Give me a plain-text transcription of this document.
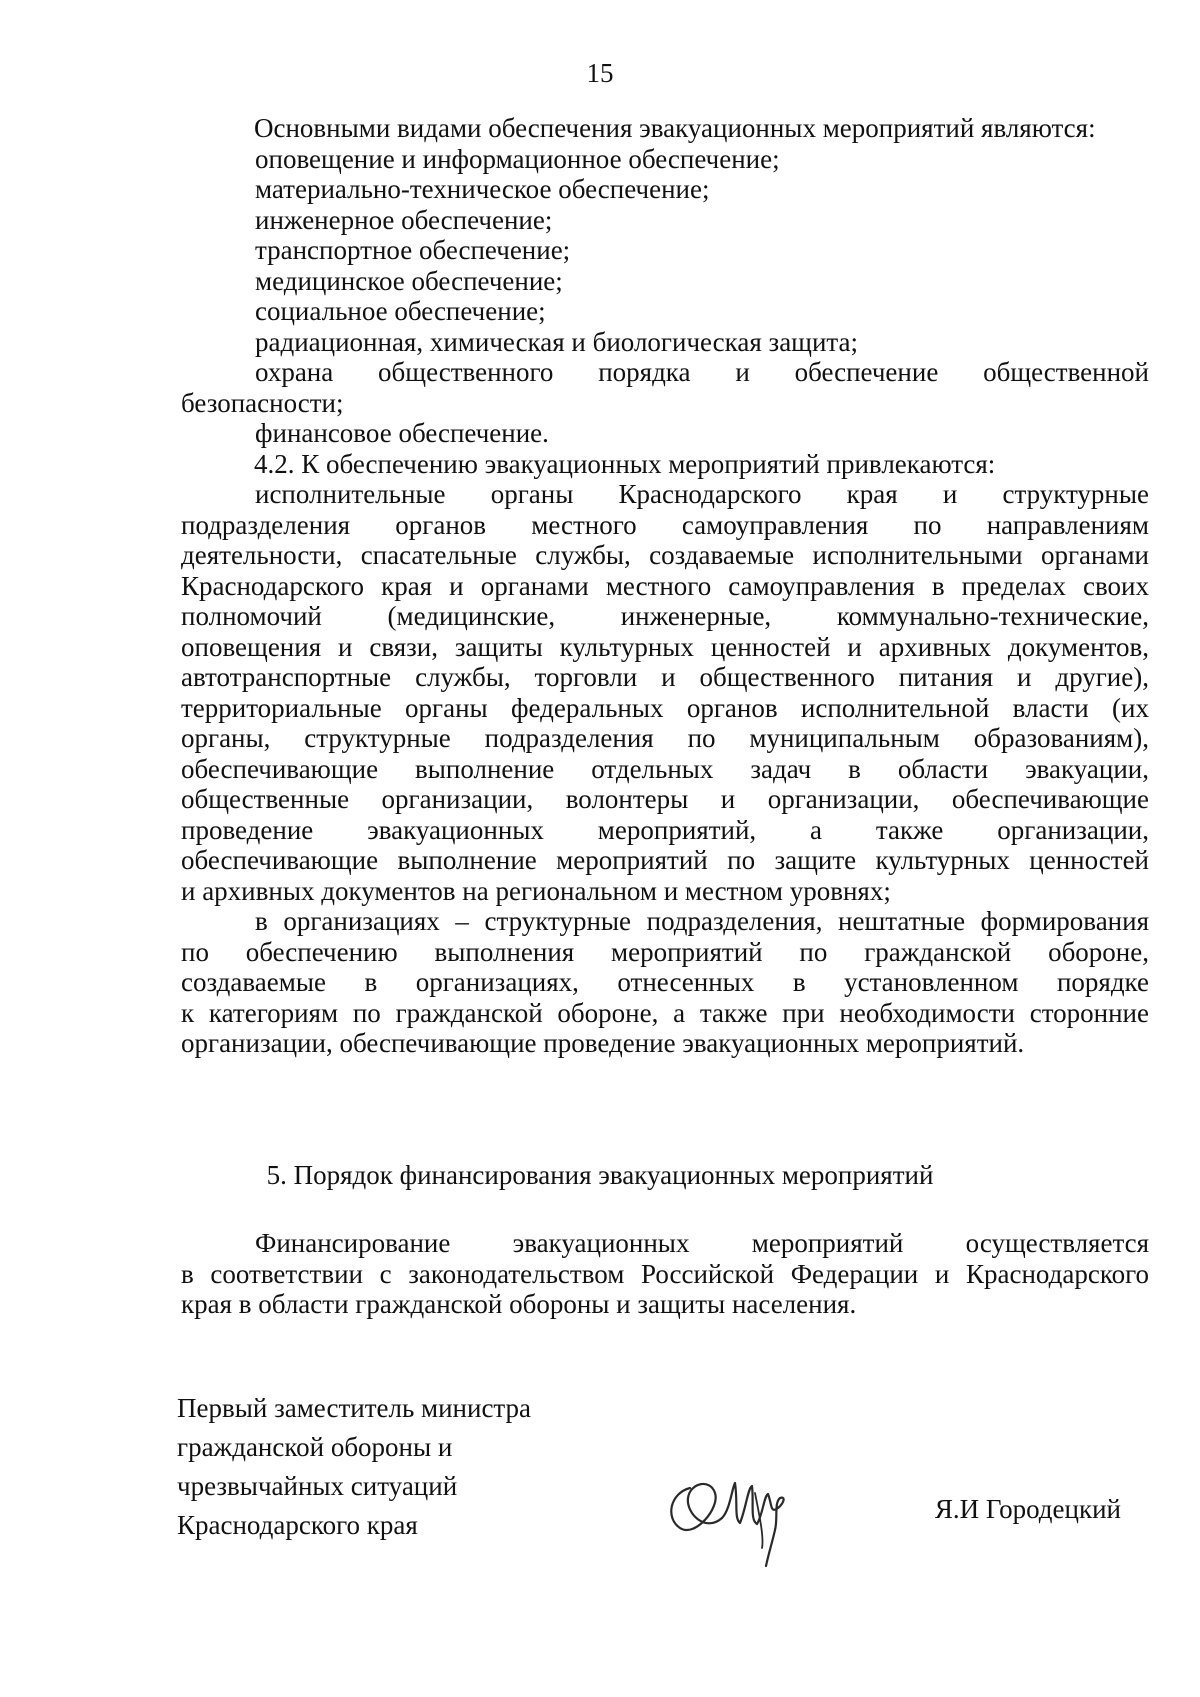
15
Основными видами обеспечения эвакуационных мероприятий являются:
оповещение и информационное обеспечение;
материально-техническое обеспечение;
инженерное обеспечение;
транспортное обеспечение;
медицинское обеспечение;
социальное обеспечение;
радиационная, химическая и биологическая защита;
охрана общественного порядка и обеспечение общественной
безопасности;
финансовое обеспечение.
4.2. К обеспечению эвакуационных мероприятий привлекаются:
исполнительные органы Краснодарского края и структурные
подразделения органов местного самоуправления по направлениям
деятельности, спасательные службы, создаваемые исполнительными органами
Краснодарского края и органами местного самоуправления в пределах своих
полномочий (медицинские, инженерные, коммунально-технические,
оповещения и связи, защиты культурных ценностей и архивных документов,
автотранспортные службы, торговли и общественного питания и другие),
территориальные органы федеральных органов исполнительной власти (их
органы, структурные подразделения по муниципальным образованиям),
обеспечивающие выполнение отдельных задач в области эвакуации,
общественные организации, волонтеры и организации, обеспечивающие
проведение эвакуационных мероприятий, а также организации,
обеспечивающие выполнение мероприятий по защите культурных ценностей
и архивных документов на региональном и местном уровнях;
в организациях – структурные подразделения, нештатные формирования
по обеспечению выполнения мероприятий по гражданской обороне,
создаваемые в организациях, отнесенных в установленном порядке
к категориям по гражданской обороне, а также при необходимости сторонние
организации, обеспечивающие проведение эвакуационных мероприятий.
5. Порядок финансирования эвакуационных мероприятий
Финансирование эвакуационных мероприятий осуществляется
в соответствии с законодательством Российской Федерации и Краснодарского
края в области гражданской обороны и защиты населения.
Первый заместитель министра
гражданской обороны и
чрезвычайных ситуаций
Краснодарского края
Я.И Городецкий
